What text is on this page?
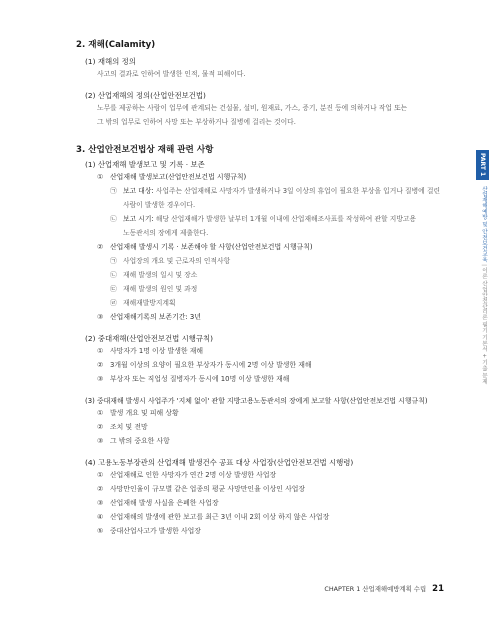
2. 재해(Calamity)
(1) 재해의 정의
사고의 결과로 인하여 발생한 인적, 물적 피해이다.
(2) 산업재해의 정의(산업안전보건법)
노무를 제공하는 사람이 업무에 관계되는 건설물, 설비, 원재료, 가스, 증기, 분진 등에 의하거나 작업 또는
그 밖의 업무로 인하여 사망 또는 부상하거나 질병에 걸리는 것이다.
3. 산업안전보건법상 재해 관련 사항
(1) 산업재해 발생보고 및 기록 · 보존
① 산업재해 발생보고(산업안전보건법 시행규칙)
㉠ 보고 대상: 사업주는 산업재해로 사망자가 발생하거나 3일 이상의 휴업이 필요한 부상을 입거나 질병에 걸린
사람이 발생한 경우이다.
㉡ 보고 시기: 해당 산업재해가 발생한 날부터 1개월 이내에 산업재해조사표를 작성하여 관할 지방고용
노동관서의 장에게 제출한다.
② 산업재해 발생시 기록 · 보존해야 할 사항(산업안전보건법 시행규칙)
㉠ 사업장의 개요 및 근로자의 인적사항
㉡ 재해 발생의 일시 및 장소
㉢ 재해 발생의 원인 및 과정
㉣ 재해재발방지계획
③ 산업재해기록의 보존기간: 3년
(2) 중대재해(산업안전보건법 시행규칙)
① 사망자가 1명 이상 발생한 재해
② 3개월 이상의 요양이 필요한 부상자가 동시에 2명 이상 발생한 재해
③ 부상자 또는 직업성 질병자가 동시에 10명 이상 발생한 재해
(3) 중대재해 발생시 사업주가 '지체 없이' 관할 지방고용노동관서의 장에게 보고할 사항(산업안전보건법 시행규칙)
① 발생 개요 및 피해 상황
② 조치 및 전망
③ 그 밖의 중요한 사항
(4) 고용노동부장관의 산업재해 발생건수 공표 대상 사업장(산업안전보건법 시행령)
① 산업재해로 인한 사망자가 연간 2명 이상 발생한 사업장
② 사망만인율이 규모별 같은 업종의 평균 사망만인율 이상인 사업장
③ 산업재해 발생 사실을 은폐한 사업장
④ 산업재해의 발생에 관한 보고를 최근 3년 이내 2회 이상 하지 않은 사업장
⑤ 중대산업사고가 발생한 사업장
PART 1
산업재해예방 및 안전보건교육 | 이론 산업안전관리론 필기 기본서 + 기출 문제
CHAPTER 1 산업재해예방계획 수립 21
